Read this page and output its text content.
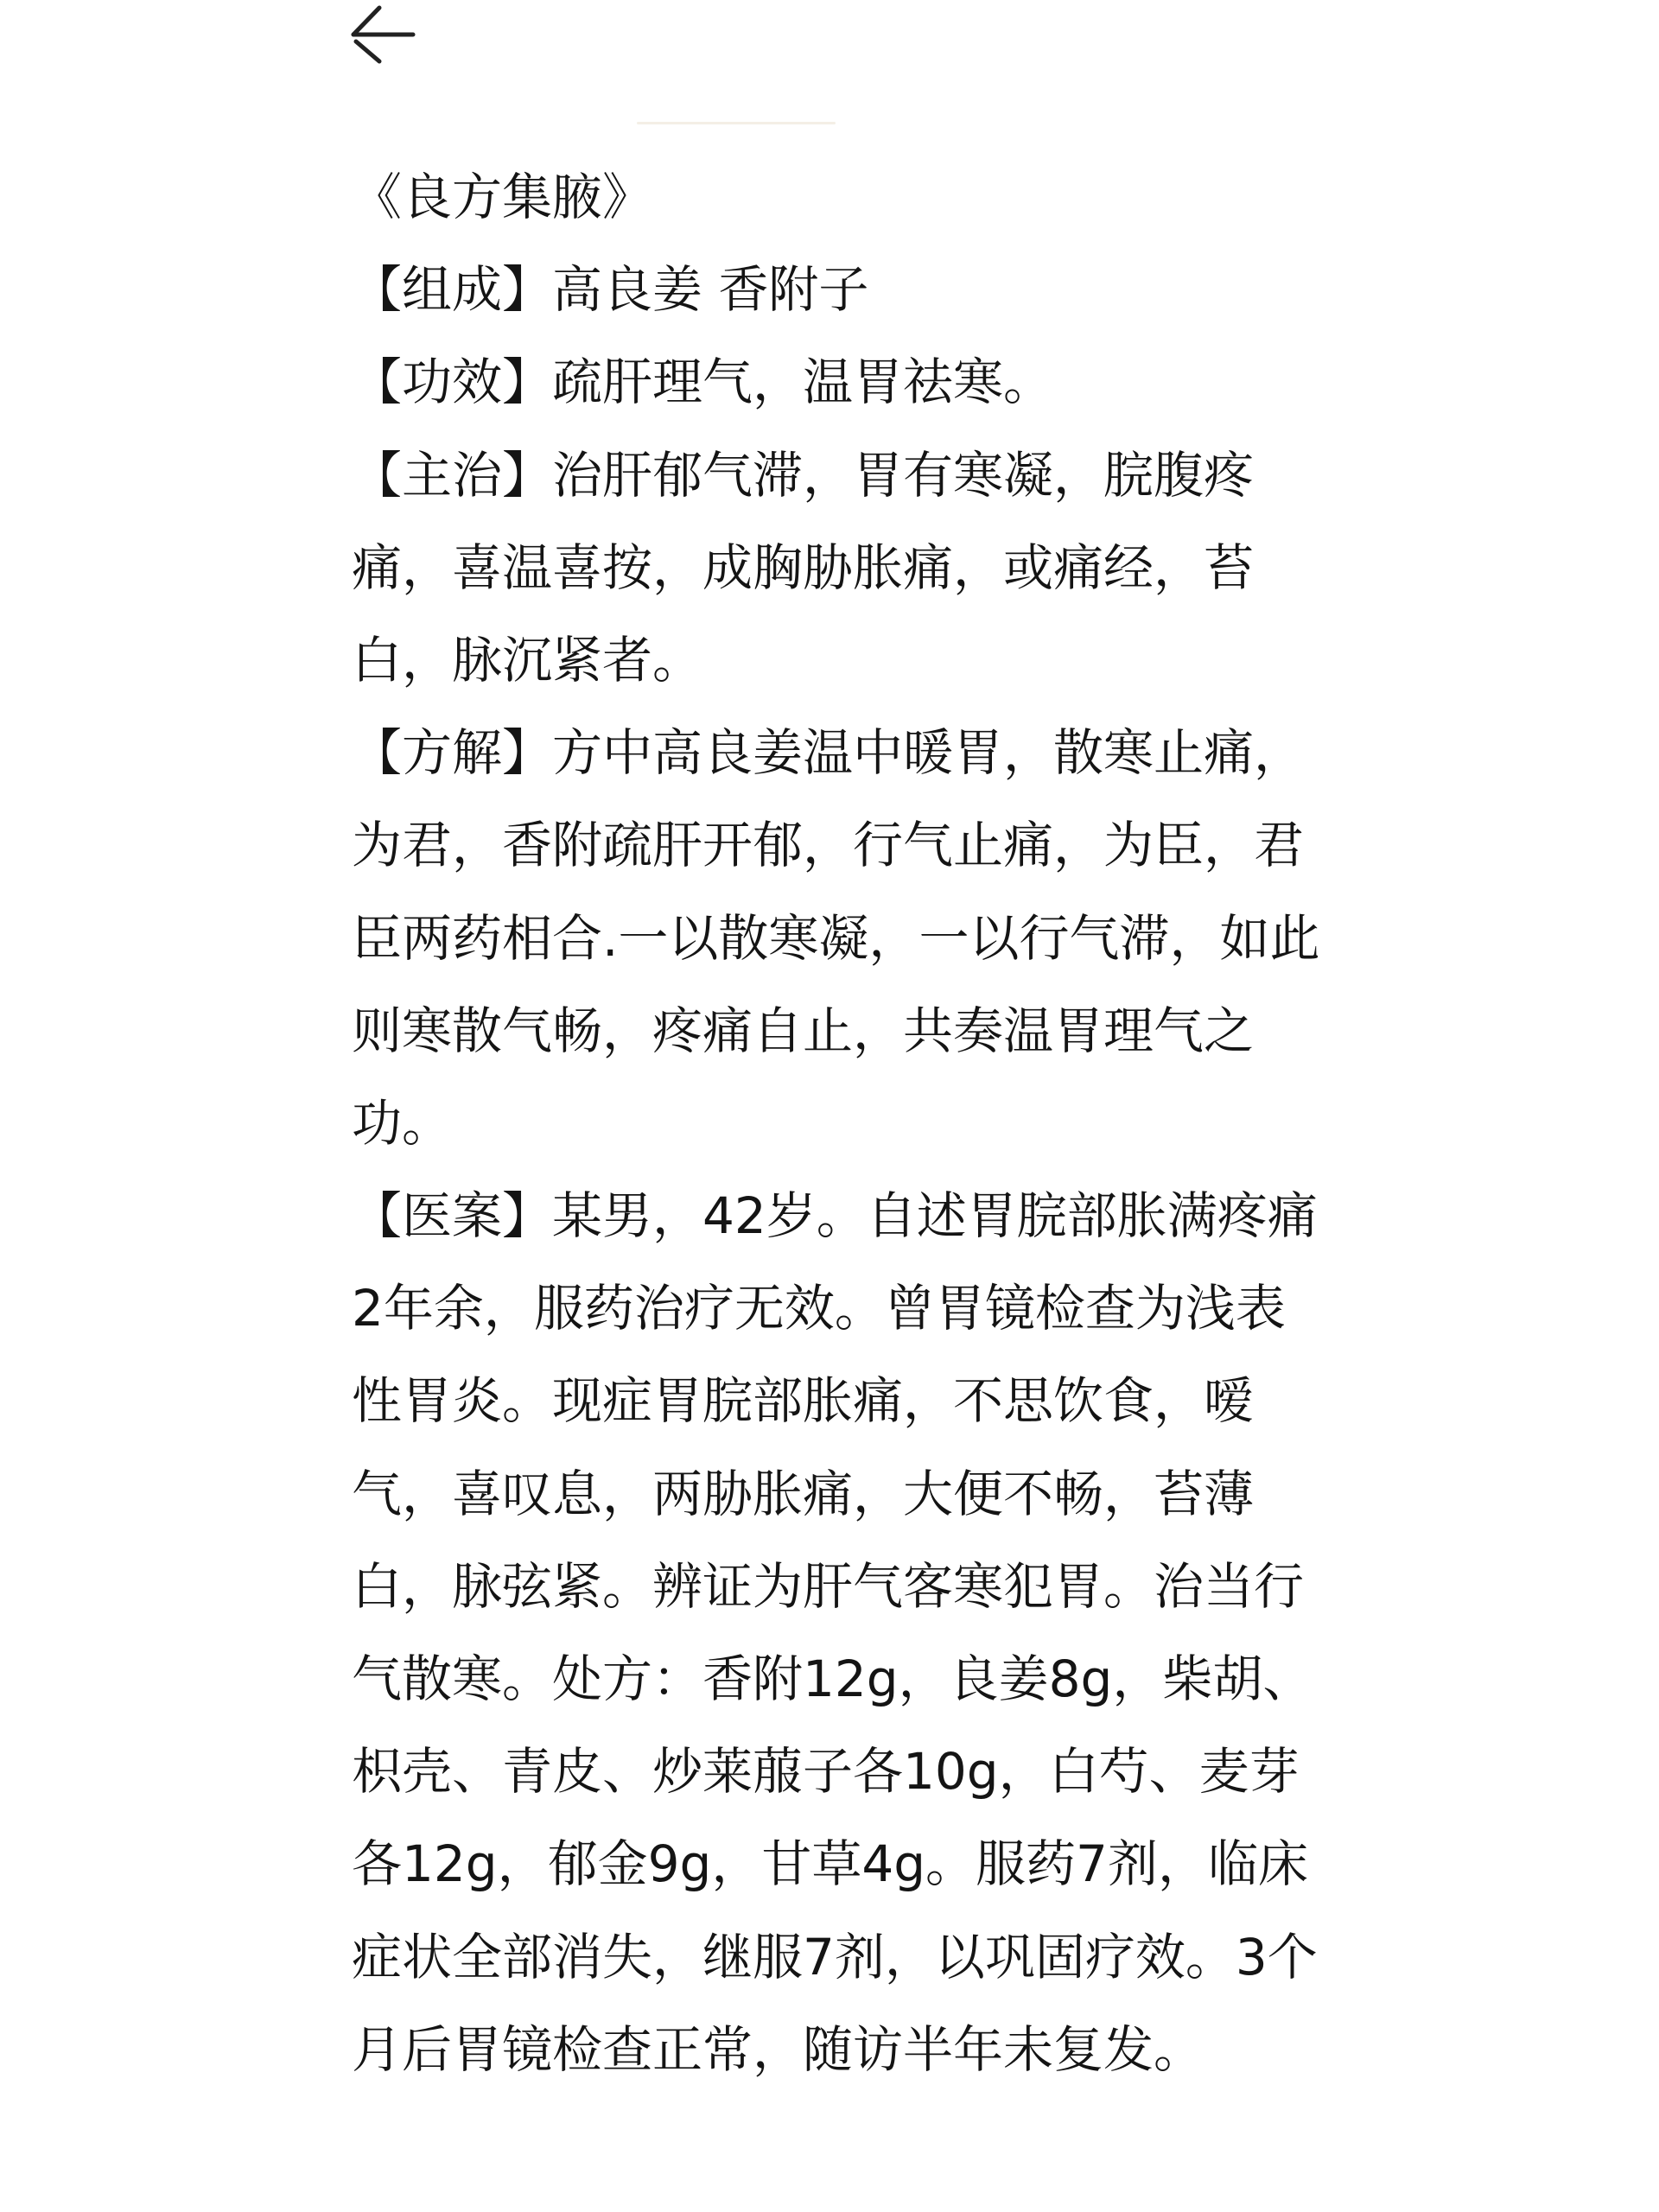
《良方集腋》
【组成】高良姜 香附子
【功效】疏肝理气，温胃祛寒。
【主治】治肝郁气滞，胃有寒凝，脘腹疼
痛，喜温喜按，成胸胁胀痛，或痛经，苔
白，脉沉紧者。
【方解】方中高良姜温中暖胃，散寒止痛，
为君，香附疏肝开郁，行气止痛，为臣，君
臣两药相合.一以散寒凝，一以行气滞，如此
则寒散气畅，疼痛自止，共奏温胃理气之
功。
【医案】某男，42岁。自述胃脘部胀满疼痛
2年余，服药治疗无效。曾胃镜检查为浅表
性胃炎。现症胃脘部胀痛，不思饮食，嗳
气，喜叹息，两胁胀痛，大便不畅，苔薄
白，脉弦紧。辨证为肝气客寒犯胃。治当行
气散寒。处方：香附12g，良姜8g，柴胡、
枳壳、青皮、炒莱菔子各10g，白芍、麦芽
各12g，郁金9g，甘草4g。服药7剂，临床
症状全部消失，继服7剂，以巩固疗效。3个
月后胃镜检查正常，随访半年未复发。
